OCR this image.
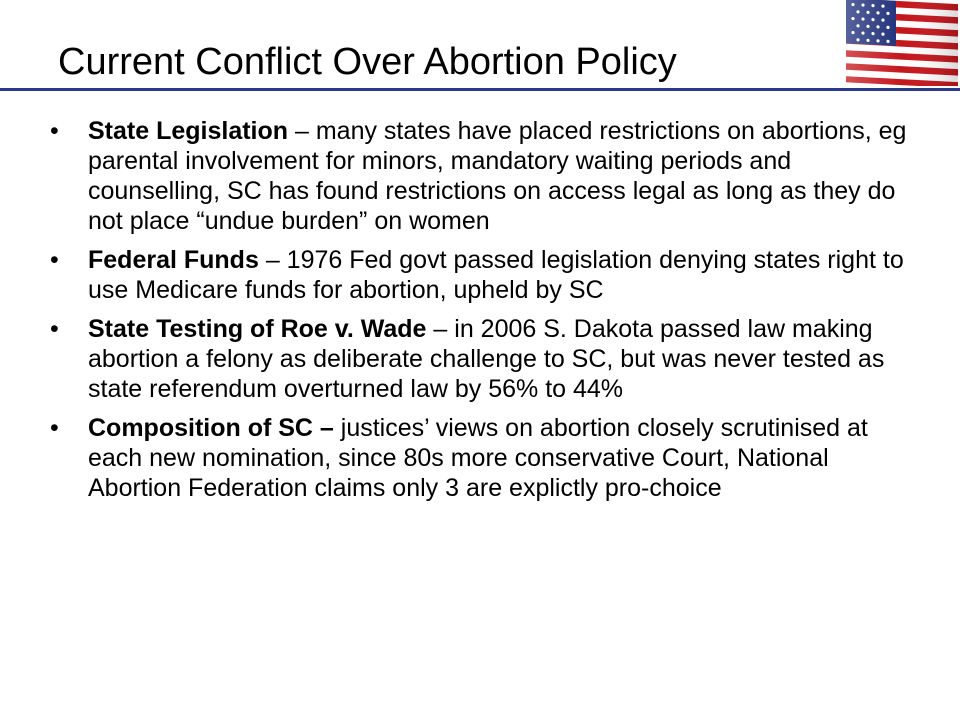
Current Conflict Over Abortion Policy
•	State Legislation – many states have placed restrictions on abortions, eg parental involvement for minors, mandatory waiting periods and counselling, SC has found restrictions on access legal as long as they do not place “undue burden” on women
•	Federal Funds – 1976 Fed govt passed legislation denying states right to use Medicare funds for abortion, upheld by SC
•	State Testing of Roe v. Wade – in 2006 S. Dakota passed law making abortion a felony as deliberate challenge to SC, but was never tested as state referendum overturned law by 56% to 44%
•	Composition of SC – justices’ views on abortion closely scrutinised at each new nomination, since 80s more conservative Court, National Abortion Federation claims only 3 are explictly pro-choice
